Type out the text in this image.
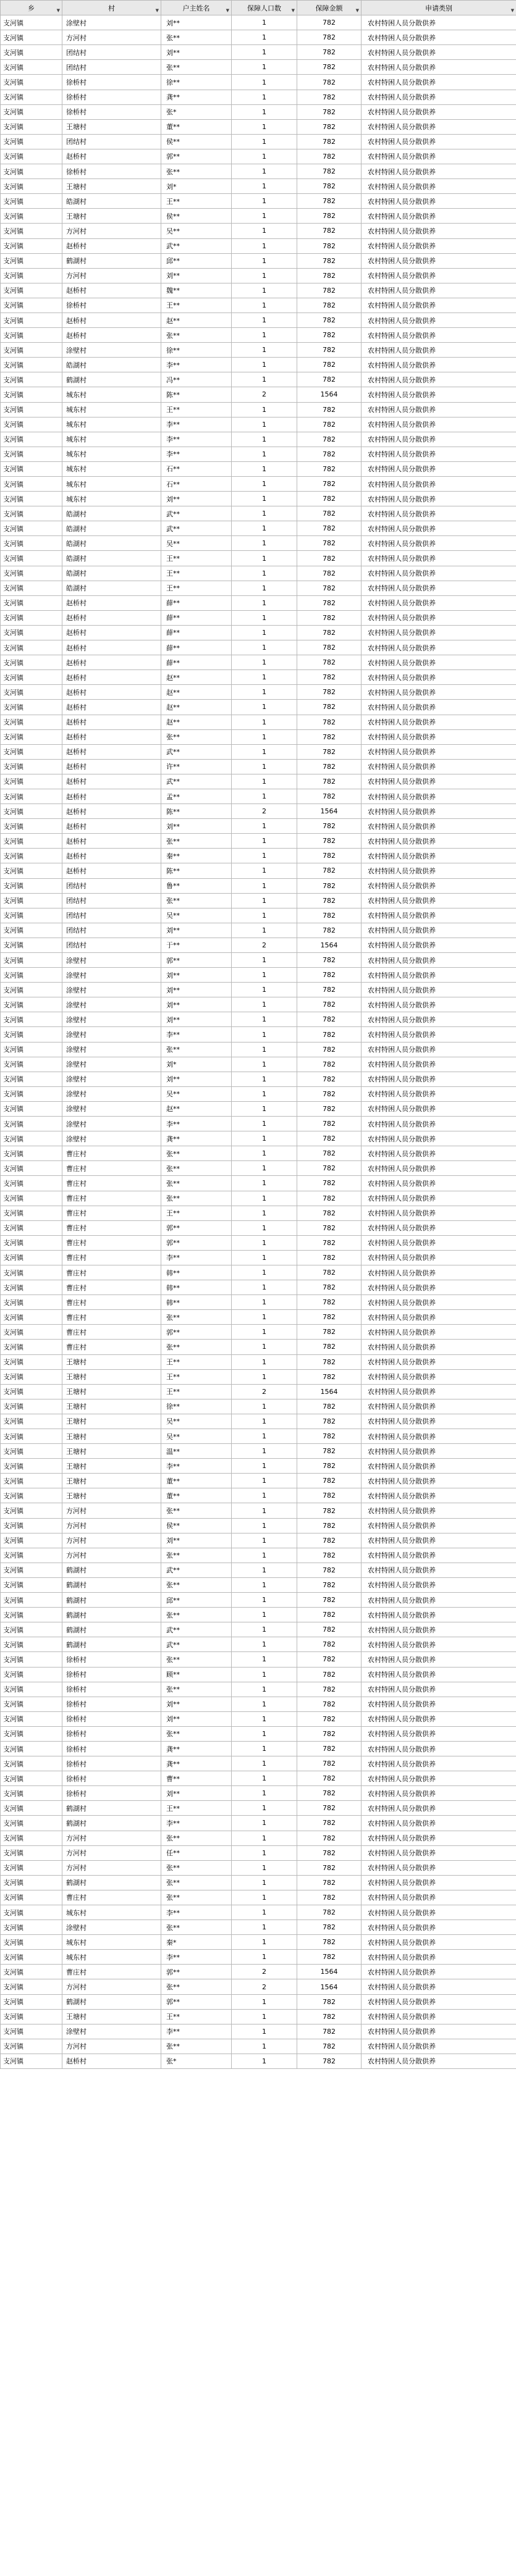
乡 ▼	村 ▼	户主姓名 ▼	保障人口数 ▼	保障金额 ▼	申请类别 ▼

支河镇	涂壁村	刘**	1	782	农村特困人员分散供养
支河镇	方河村	张**	1	782	农村特困人员分散供养
支河镇	团结村	刘**	1	782	农村特困人员分散供养
支河镇	团结村	张**	1	782	农村特困人员分散供养
支河镇	徐桥村	徐**	1	782	农村特困人员分散供养
支河镇	徐桥村	龚**	1	782	农村特困人员分散供养
支河镇	徐桥村	张*	1	782	农村特困人员分散供养
支河镇	王塘村	董**	1	782	农村特困人员分散供养
支河镇	团结村	侯**	1	782	农村特困人员分散供养
支河镇	赵桥村	郭**	1	782	农村特困人员分散供养
支河镇	徐桥村	张**	1	782	农村特困人员分散供养
支河镇	王塘村	刘*	1	782	农村特困人员分散供养
支河镇	皓湖村	王**	1	782	农村特困人员分散供养
支河镇	王塘村	侯**	1	782	农村特困人员分散供养
支河镇	方河村	吴**	1	782	农村特困人员分散供养
支河镇	赵桥村	武**	1	782	农村特困人员分散供养
支河镇	鹤湖村	邱**	1	782	农村特困人员分散供养
支河镇	方河村	刘**	1	782	农村特困人员分散供养
支河镇	赵桥村	魏**	1	782	农村特困人员分散供养
支河镇	徐桥村	王**	1	782	农村特困人员分散供养
支河镇	赵桥村	赵**	1	782	农村特困人员分散供养
支河镇	赵桥村	张**	1	782	农村特困人员分散供养
支河镇	涂壁村	徐**	1	782	农村特困人员分散供养
支河镇	皓湖村	李**	1	782	农村特困人员分散供养
支河镇	鹤湖村	冯**	1	782	农村特困人员分散供养
支河镇	城东村	陈**	2	1564	农村特困人员分散供养
支河镇	城东村	王**	1	782	农村特困人员分散供养
支河镇	城东村	李**	1	782	农村特困人员分散供养
支河镇	城东村	李**	1	782	农村特困人员分散供养
支河镇	城东村	李**	1	782	农村特困人员分散供养
支河镇	城东村	石**	1	782	农村特困人员分散供养
支河镇	城东村	石**	1	782	农村特困人员分散供养
支河镇	城东村	刘**	1	782	农村特困人员分散供养
支河镇	皓湖村	武**	1	782	农村特困人员分散供养
支河镇	皓湖村	武**	1	782	农村特困人员分散供养
支河镇	皓湖村	吴**	1	782	农村特困人员分散供养
支河镇	皓湖村	王**	1	782	农村特困人员分散供养
支河镇	皓湖村	王**	1	782	农村特困人员分散供养
支河镇	皓湖村	王**	1	782	农村特困人员分散供养
支河镇	赵桥村	薛**	1	782	农村特困人员分散供养
支河镇	赵桥村	薛**	1	782	农村特困人员分散供养
支河镇	赵桥村	薛**	1	782	农村特困人员分散供养
支河镇	赵桥村	薛**	1	782	农村特困人员分散供养
支河镇	赵桥村	薛**	1	782	农村特困人员分散供养
支河镇	赵桥村	赵**	1	782	农村特困人员分散供养
支河镇	赵桥村	赵**	1	782	农村特困人员分散供养
支河镇	赵桥村	赵**	1	782	农村特困人员分散供养
支河镇	赵桥村	赵**	1	782	农村特困人员分散供养
支河镇	赵桥村	张**	1	782	农村特困人员分散供养
支河镇	赵桥村	武**	1	782	农村特困人员分散供养
支河镇	赵桥村	许**	1	782	农村特困人员分散供养
支河镇	赵桥村	武**	1	782	农村特困人员分散供养
支河镇	赵桥村	孟**	1	782	农村特困人员分散供养
支河镇	赵桥村	陈**	2	1564	农村特困人员分散供养
支河镇	赵桥村	刘**	1	782	农村特困人员分散供养
支河镇	赵桥村	张**	1	782	农村特困人员分散供养
支河镇	赵桥村	秦**	1	782	农村特困人员分散供养
支河镇	赵桥村	陈**	1	782	农村特困人员分散供养
支河镇	团结村	鲁**	1	782	农村特困人员分散供养
支河镇	团结村	张**	1	782	农村特困人员分散供养
支河镇	团结村	吴**	1	782	农村特困人员分散供养
支河镇	团结村	刘**	1	782	农村特困人员分散供养
支河镇	团结村	于**	2	1564	农村特困人员分散供养
支河镇	涂壁村	郭**	1	782	农村特困人员分散供养
支河镇	涂壁村	刘**	1	782	农村特困人员分散供养
支河镇	涂壁村	刘**	1	782	农村特困人员分散供养
支河镇	涂壁村	刘**	1	782	农村特困人员分散供养
支河镇	涂壁村	刘**	1	782	农村特困人员分散供养
支河镇	涂壁村	李**	1	782	农村特困人员分散供养
支河镇	涂壁村	张**	1	782	农村特困人员分散供养
支河镇	涂壁村	刘*	1	782	农村特困人员分散供养
支河镇	涂壁村	刘**	1	782	农村特困人员分散供养
支河镇	涂壁村	吴**	1	782	农村特困人员分散供养
支河镇	涂壁村	赵**	1	782	农村特困人员分散供养
支河镇	涂壁村	李**	1	782	农村特困人员分散供养
支河镇	涂壁村	龚**	1	782	农村特困人员分散供养
支河镇	曹庄村	张**	1	782	农村特困人员分散供养
支河镇	曹庄村	张**	1	782	农村特困人员分散供养
支河镇	曹庄村	张**	1	782	农村特困人员分散供养
支河镇	曹庄村	张**	1	782	农村特困人员分散供养
支河镇	曹庄村	王**	1	782	农村特困人员分散供养
支河镇	曹庄村	郭**	1	782	农村特困人员分散供养
支河镇	曹庄村	郭**	1	782	农村特困人员分散供养
支河镇	曹庄村	李**	1	782	农村特困人员分散供养
支河镇	曹庄村	韩**	1	782	农村特困人员分散供养
支河镇	曹庄村	韩**	1	782	农村特困人员分散供养
支河镇	曹庄村	韩**	1	782	农村特困人员分散供养
支河镇	曹庄村	张**	1	782	农村特困人员分散供养
支河镇	曹庄村	郭**	1	782	农村特困人员分散供养
支河镇	曹庄村	张**	1	782	农村特困人员分散供养
支河镇	王塘村	王**	1	782	农村特困人员分散供养
支河镇	王塘村	王**	1	782	农村特困人员分散供养
支河镇	王塘村	王**	2	1564	农村特困人员分散供养
支河镇	王塘村	徐**	1	782	农村特困人员分散供养
支河镇	王塘村	吴**	1	782	农村特困人员分散供养
支河镇	王塘村	吴**	1	782	农村特困人员分散供养
支河镇	王塘村	温**	1	782	农村特困人员分散供养
支河镇	王塘村	李**	1	782	农村特困人员分散供养
支河镇	王塘村	董**	1	782	农村特困人员分散供养
支河镇	王塘村	董**	1	782	农村特困人员分散供养
支河镇	方河村	张**	1	782	农村特困人员分散供养
支河镇	方河村	侯**	1	782	农村特困人员分散供养
支河镇	方河村	刘**	1	782	农村特困人员分散供养
支河镇	方河村	张**	1	782	农村特困人员分散供养
支河镇	鹤湖村	武**	1	782	农村特困人员分散供养
支河镇	鹤湖村	张**	1	782	农村特困人员分散供养
支河镇	鹤湖村	邱**	1	782	农村特困人员分散供养
支河镇	鹤湖村	张**	1	782	农村特困人员分散供养
支河镇	鹤湖村	武**	1	782	农村特困人员分散供养
支河镇	鹤湖村	武**	1	782	农村特困人员分散供养
支河镇	徐桥村	张**	1	782	农村特困人员分散供养
支河镇	徐桥村	顾**	1	782	农村特困人员分散供养
支河镇	徐桥村	张**	1	782	农村特困人员分散供养
支河镇	徐桥村	刘**	1	782	农村特困人员分散供养
支河镇	徐桥村	刘**	1	782	农村特困人员分散供养
支河镇	徐桥村	张**	1	782	农村特困人员分散供养
支河镇	徐桥村	龚**	1	782	农村特困人员分散供养
支河镇	徐桥村	龚**	1	782	农村特困人员分散供养
支河镇	徐桥村	曹**	1	782	农村特困人员分散供养
支河镇	徐桥村	刘**	1	782	农村特困人员分散供养
支河镇	鹤湖村	王**	1	782	农村特困人员分散供养
支河镇	鹤湖村	李**	1	782	农村特困人员分散供养
支河镇	方河村	张**	1	782	农村特困人员分散供养
支河镇	方河村	任**	1	782	农村特困人员分散供养
支河镇	方河村	张**	1	782	农村特困人员分散供养
支河镇	鹤湖村	张**	1	782	农村特困人员分散供养
支河镇	曹庄村	张**	1	782	农村特困人员分散供养
支河镇	城东村	李**	1	782	农村特困人员分散供养
支河镇	涂壁村	张**	1	782	农村特困人员分散供养
支河镇	城东村	秦*	1	782	农村特困人员分散供养
支河镇	城东村	李**	1	782	农村特困人员分散供养
支河镇	曹庄村	郭**	2	1564	农村特困人员分散供养
支河镇	方河村	张**	2	1564	农村特困人员分散供养
支河镇	鹤湖村	郭**	1	782	农村特困人员分散供养
支河镇	王塘村	王**	1	782	农村特困人员分散供养
支河镇	涂壁村	李**	1	782	农村特困人员分散供养
支河镇	方河村	张**	1	782	农村特困人员分散供养
支河镇	赵桥村	张*	1	782	农村特困人员分散供养
